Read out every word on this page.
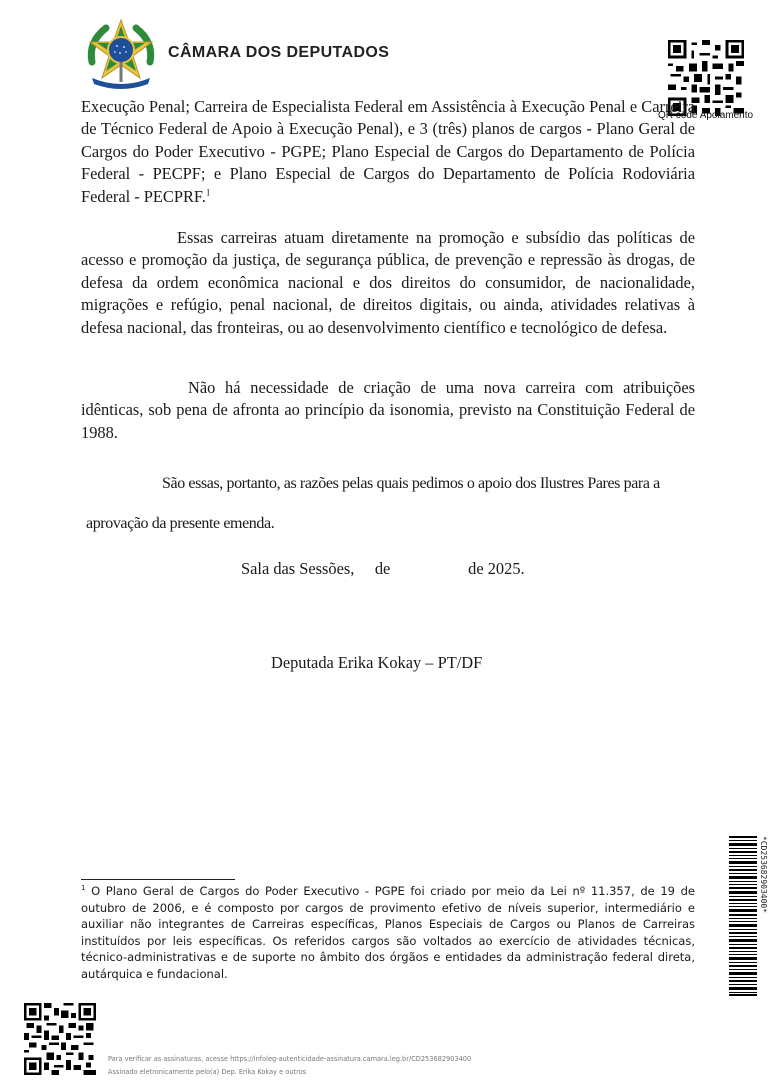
CÂMARA DOS DEPUTADOS
QR code Apoiamento
Execução Penal; Carreira de Especialista Federal em Assistência à Execução Penal e Carreira de Técnico Federal de Apoio à Execução Penal), e 3 (três) planos de cargos - Plano Geral de Cargos do Poder Executivo - PGPE; Plano Especial de Cargos do Departamento de Polícia Federal - PECPF; e Plano Especial de Cargos do Departamento de Polícia Rodoviária Federal - PECPRF.$^1$
Essas carreiras atuam diretamente na promoção e subsídio das políticas de acesso e promoção da justiça, de segurança pública, de prevenção e repressão às drogas, de defesa da ordem econômica nacional e dos direitos do consumidor, de nacionalidade, migrações e refúgio, penal nacional, de direitos digitais, ou ainda, atividades relativas à defesa nacional, das fronteiras, ou ao desenvolvimento científico e tecnológico de defesa.
Não há necessidade de criação de uma nova carreira com atribuições idênticas, sob pena de afronta ao princípio da isonomia, previsto na Constituição Federal de 1988.
São essas, portanto, as razões pelas quais pedimos o apoio dos Ilustres Pares para a aprovação da presente emenda.
Sala das Sessões,     de                   de 2025.
Deputada Erika Kokay – PT/DF
$^1$ O Plano Geral de Cargos do Poder Executivo - PGPE foi criado por meio da Lei nº 11.357, de 19 de outubro de 2006, e é composto por cargos de provimento efetivo de níveis superior, intermediário e auxiliar não integrantes de Carreiras específicas, Planos Especiais de Cargos ou Planos de Carreiras instituídos por leis específicas. Os referidos cargos são voltados ao exercício de atividades técnicas, técnico-administrativas e de suporte no âmbito dos órgãos e entidades da administração federal direta, autárquica e fundacional.
*CD253682903400*
Para verificar as assinaturas, acesse https://infoleg-autenticidade-assinatura.camara.leg.br/CD253682903400
Assinado eletronicamente pelo(a) Dep. Erika Kokay e outros
